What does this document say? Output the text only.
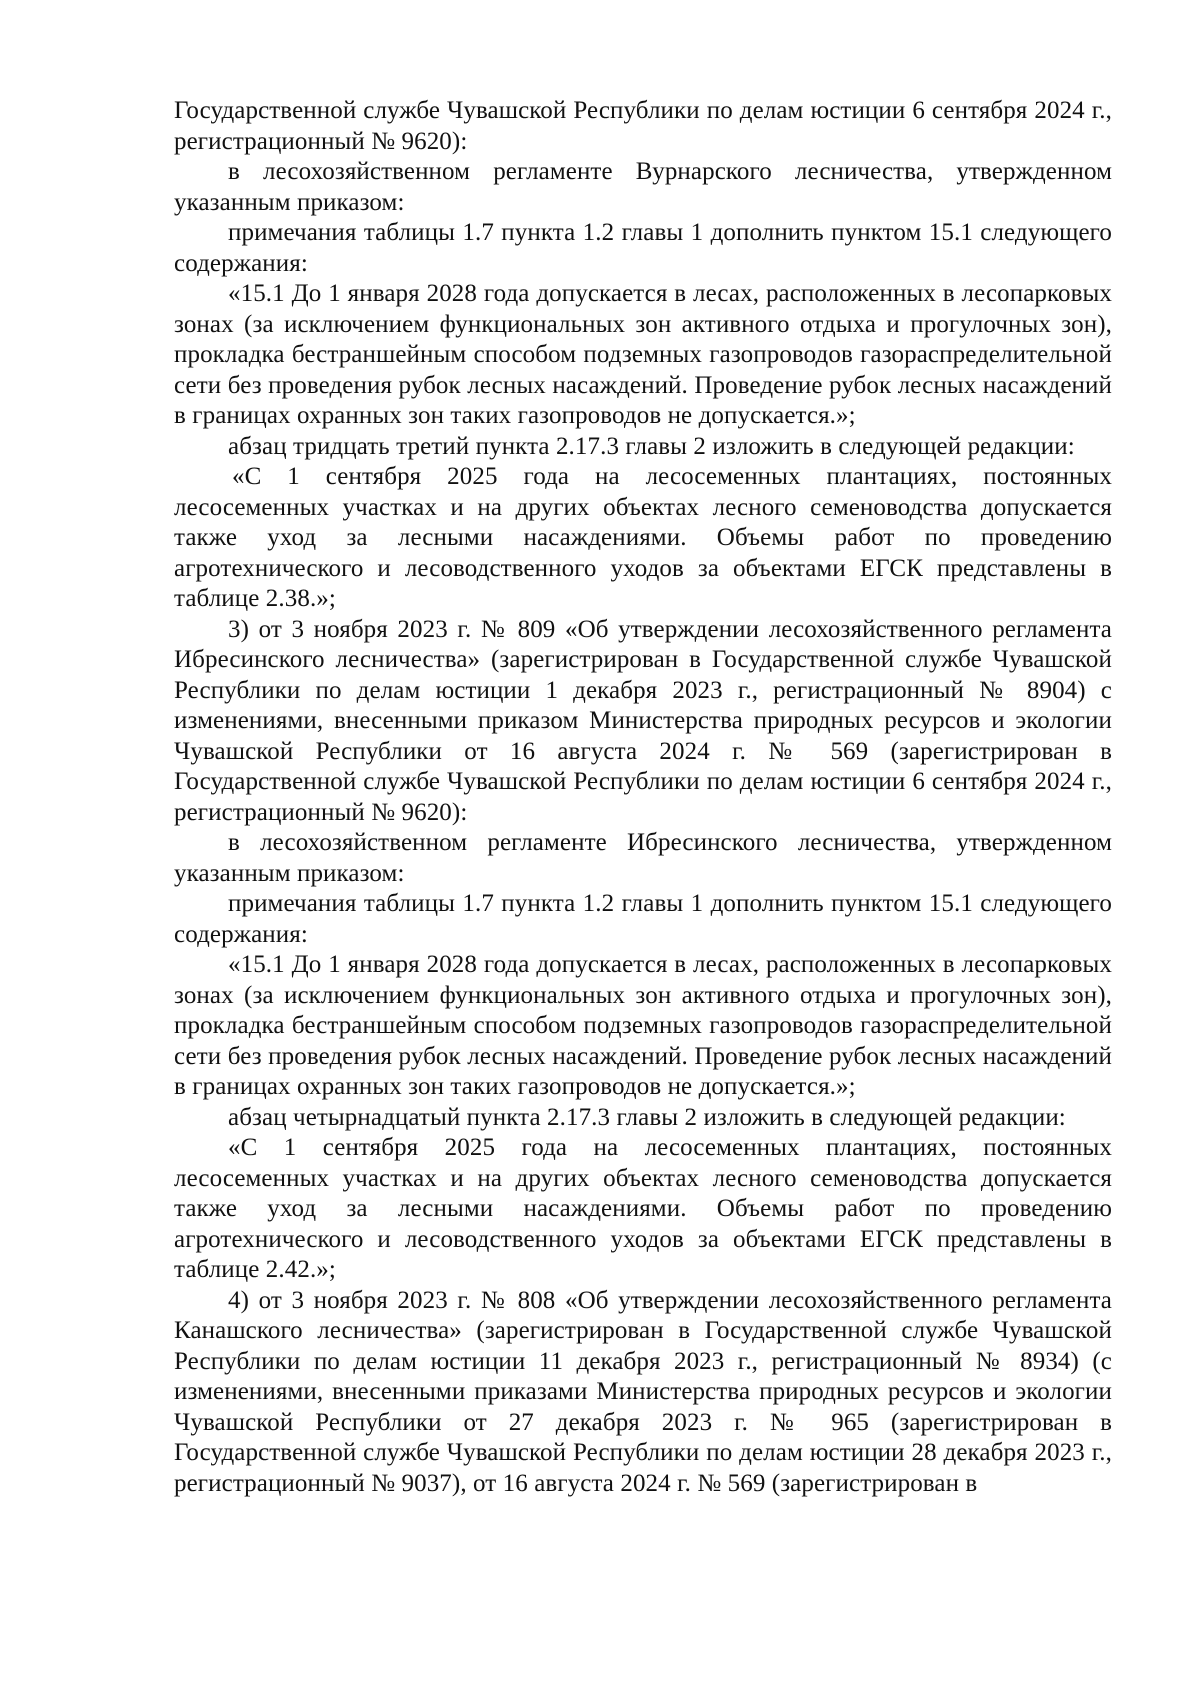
Государственной службе Чувашской Республики по делам юстиции 6 сентября 2024 г., регистрационный № 9620):

в лесохозяйственном регламенте Вурнарского лесничества, утвержденном указанным приказом:

примечания таблицы 1.7 пункта 1.2 главы 1 дополнить пунктом 15.1 следующего содержания:

«15.1 До 1 января 2028 года допускается в лесах, расположенных в лесопарковых зонах (за исключением функциональных зон активного отдыха и прогулочных зон), прокладка бестраншейным способом подземных газопроводов газораспределительной сети без проведения рубок лесных насаждений. Проведение рубок лесных насаждений в границах охранных зон таких газопроводов не допускается.»;

абзац тридцать третий пункта 2.17.3 главы 2 изложить в следующей редакции:

«С 1 сентября 2025 года на лесосеменных плантациях, постоянных лесосеменных участках и на других объектах лесного семеноводства допускается также уход за лесными насаждениями. Объемы работ по проведению агротехнического и лесоводственного уходов за объектами ЕГСК представлены в таблице 2.38.»;

3) от 3 ноября 2023 г. № 809 «Об утверждении лесохозяйственного регламента Ибресинского лесничества» (зарегистрирован в Государственной службе Чувашской Республики по делам юстиции 1 декабря 2023 г., регистрационный № 8904) с изменениями, внесенными приказом Министерства природных ресурсов и экологии Чувашской Республики от 16 августа 2024 г. № 569 (зарегистрирован в Государственной службе Чувашской Республики по делам юстиции 6 сентября 2024 г., регистрационный № 9620):

в лесохозяйственном регламенте Ибресинского лесничества, утвержденном указанным приказом:

примечания таблицы 1.7 пункта 1.2 главы 1 дополнить пунктом 15.1 следующего содержания:

«15.1 До 1 января 2028 года допускается в лесах, расположенных в лесопарковых зонах (за исключением функциональных зон активного отдыха и прогулочных зон), прокладка бестраншейным способом подземных газопроводов газораспределительной сети без проведения рубок лесных насаждений. Проведение рубок лесных насаждений в границах охранных зон таких газопроводов не допускается.»;

абзац четырнадцатый пункта 2.17.3 главы 2 изложить в следующей редакции:

«С 1 сентября 2025 года на лесосеменных плантациях, постоянных лесосеменных участках и на других объектах лесного семеноводства допускается также уход за лесными насаждениями. Объемы работ по проведению агротехнического и лесоводственного уходов за объектами ЕГСК представлены в таблице 2.42.»;

4) от 3 ноября 2023 г. № 808 «Об утверждении лесохозяйственного регламента Канашского лесничества» (зарегистрирован в Государственной службе Чувашской Республики по делам юстиции 11 декабря 2023 г., регистрационный № 8934) (с изменениями, внесенными приказами Министерства природных ресурсов и экологии Чувашской Республики от 27 декабря 2023 г. № 965 (зарегистрирован в Государственной службе Чувашской Республики по делам юстиции 28 декабря 2023 г., регистрационный № 9037), от 16 августа 2024 г. № 569 (зарегистрирован в
